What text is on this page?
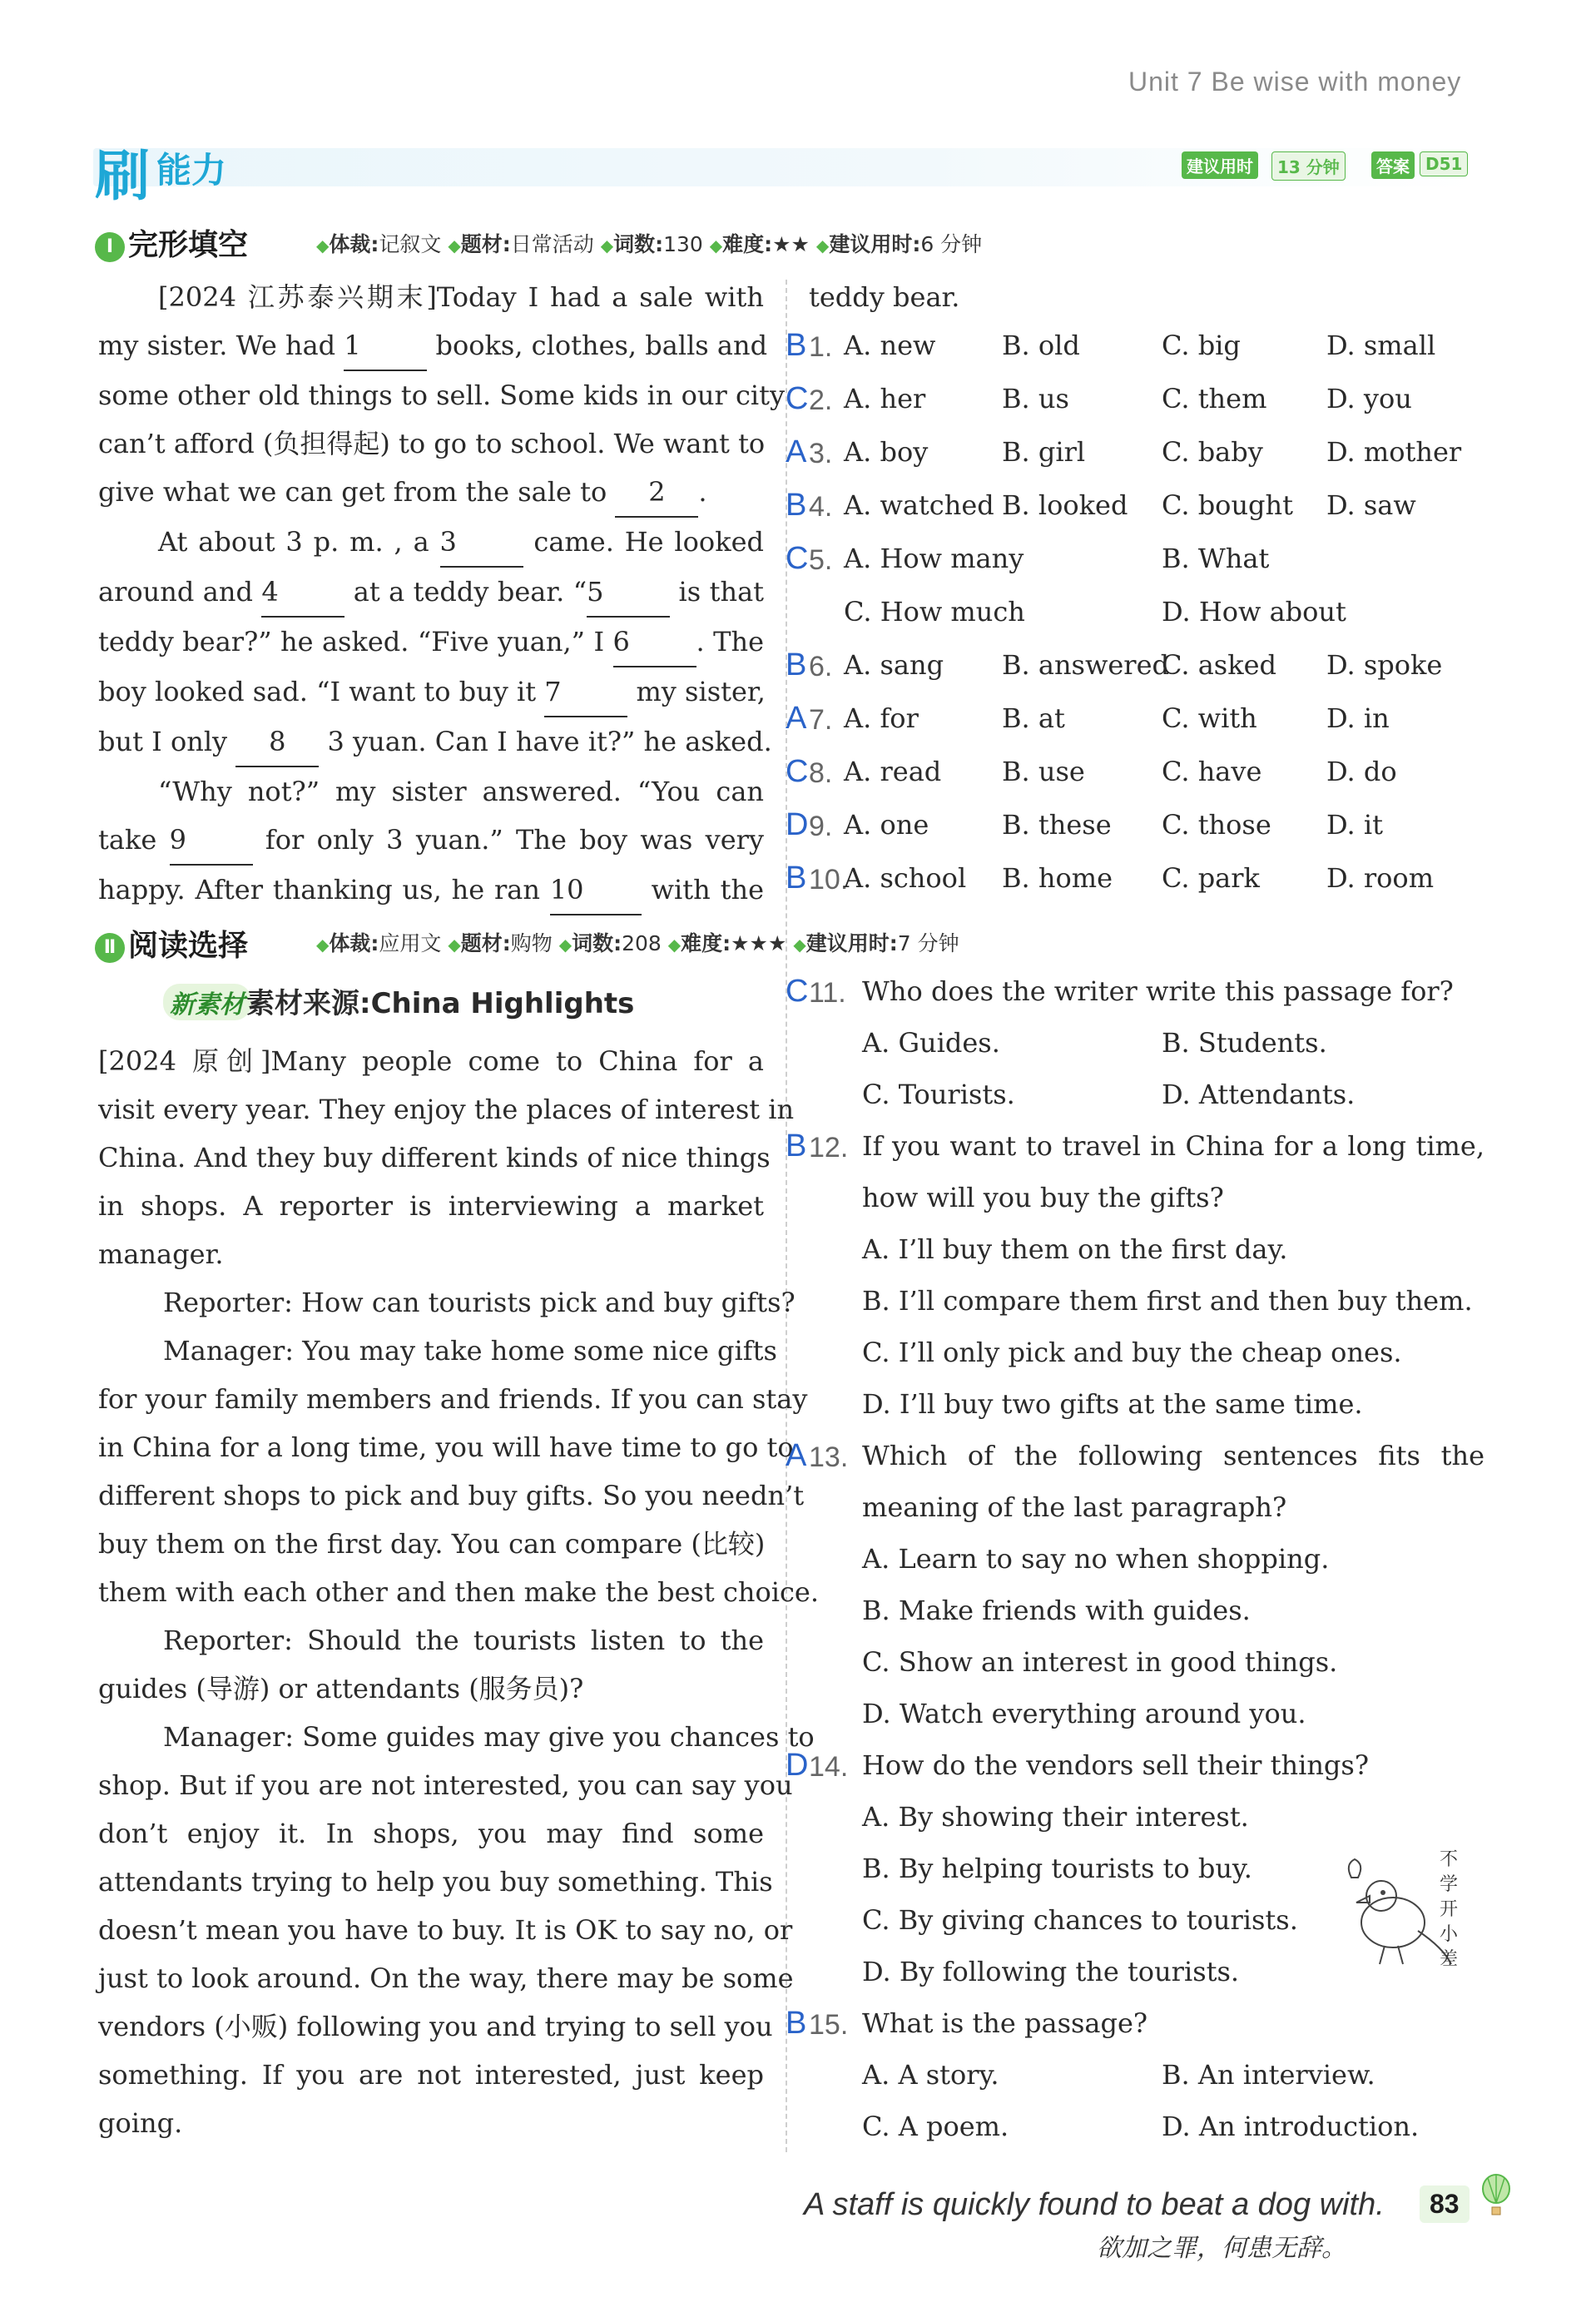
Unit 7 Be wise with money
刷 能力	建议用时	13 分钟	答案 D51
Ⅰ 完形填空	◆体裁:记叙文 ◆题材:日常活动 ◆词数:130 ◆难度:★★ ◆建议用时:6 分钟
[2024 江苏泰兴期末]Today I had a sale with
my sister. We had 1 books, clothes, balls and
some other old things to sell. Some kids in our city
can’t afford (负担得起) to go to school. We want to
give what we can get from the sale to 2 .
At about 3 p. m. , a 3 came. He looked
around and 4 at a teddy bear. “5 is that
teddy bear?” he asked. “Five yuan,” I 6 . The
boy looked sad. “I want to buy it 7 my sister,
but I only 8 3 yuan. Can I have it?” he asked.
“Why not?” my sister answered. “You can
take 9 for only 3 yuan.” The boy was very
happy. After thanking us, he ran 10 with the
teddy bear.
B 1. A. new B. old	C. big	D. small
C 2. A. her	B. us	C. them D. you
A 3. A. boy	B. girl	C. baby D. mother
B 4. A. watched B. looked C. bought D. saw
C 5. A. How many	B. What
C. How much	D. How about
B 6. A. sang B. answered
C. asked D. spoke
A 7. A. for	B. at	C. with	D. in
C 8. A. read B. use	C. have D. do
D 9. A. one	B. these C. those D. it
B 10.
A. school B. home C. park	D. room
Ⅱ 阅读选择	◆体裁:应用文 ◆题材:购物 ◆词数:208 ◆难度:★★★ ◆建议用时:7 分钟
新素材 素材来源:China Highlights
[2024 原创]Many people come to China for a
visit every year. They enjoy the places of interest in
China. And they buy different kinds of nice things
in shops. A reporter is interviewing a market
manager.
Reporter: How can tourists pick and buy gifts?
Manager: You may take home some nice gifts
for your family members and friends. If you can stay
in China for a long time, you will have time to go to
different shops to pick and buy gifts. So you needn’t
buy them on the first day. You can compare (比较)
them with each other and then make the best choice.
Reporter: Should the tourists listen to the
guides (导游) or attendants (服务员)?
Manager: Some guides may give you chances to
shop. But if you are not interested, you can say you
don’t enjoy it. In shops, you may find some
attendants trying to help you buy something. This
doesn’t mean you have to buy. It is OK to say no, or
just to look around. On the way, there may be some
vendors (小贩) following you and trying to sell you
something. If you are not interested, just keep
going.
C 11. Who does the writer write this passage for?
A. Guides.	B. Students.
C. Tourists.	D. Attendants.
B 12. If you want to travel in China for a long time,
how will you buy the gifts?
A. I’ll buy them on the first day.
B. I’ll compare them first and then buy them.
C. I’ll only pick and buy the cheap ones.
D. I’ll buy two gifts at the same time.
A 13. Which of the following sentences fits the
meaning of the last paragraph?
A. Learn to say no when shopping.
B. Make friends with guides.
C. Show an interest in good things.
D. Watch everything around you.
D 14. How do the vendors sell their things?
A. By showing their interest.
B. By helping tourists to buy.
C. By giving chances to tourists.
D. By following the tourists.
B 15. What is the passage?
A. A story.	B. An interview.
C. A poem.	D. An introduction.
不学开小差
A staff is quickly found to beat a dog with.
欲加之罪，何患无辞。
83
